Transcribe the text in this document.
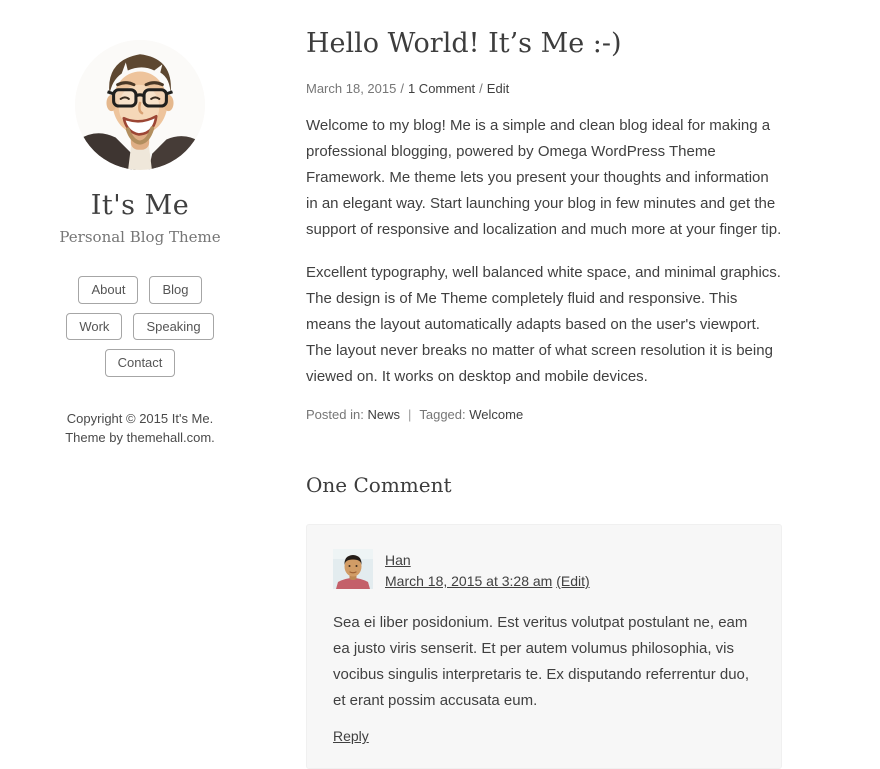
It's Me

Personal Blog Theme

About	Blog
Work	Speaking
Contact

Copyright © 2015 It's Me.

Theme by themehall.com.

Hello World! It’s Me :-)
March 18, 2015 / 1 Comment / Edit

Welcome to my blog! Me is a simple and clean blog ideal for making a professional blogging, powered by Omega WordPress Theme Framework. Me theme lets you present your thoughts and information in an elegant way. Start launching your blog in few minutes and get the support of responsive and localization and much more at your finger tip.

Excellent typography, well balanced white space, and minimal graphics. The design is of Me Theme completely fluid and responsive. This means the layout automatically adapts based on the user's viewport. The layout never breaks no matter of what screen resolution it is being viewed on. It works on desktop and mobile devices.

Posted in: News | Tagged: Welcome
One Comment
Han
March 18, 2015 at 3:28 am (Edit)

Sea ei liber posidonium. Est veritus volutpat postulant ne, eam ea justo viris senserit. Et per autem volumus philosophia, vis vocibus singulis interpretaris te. Ex disputando referrentur duo, et erant possim accusata eum.

Reply
